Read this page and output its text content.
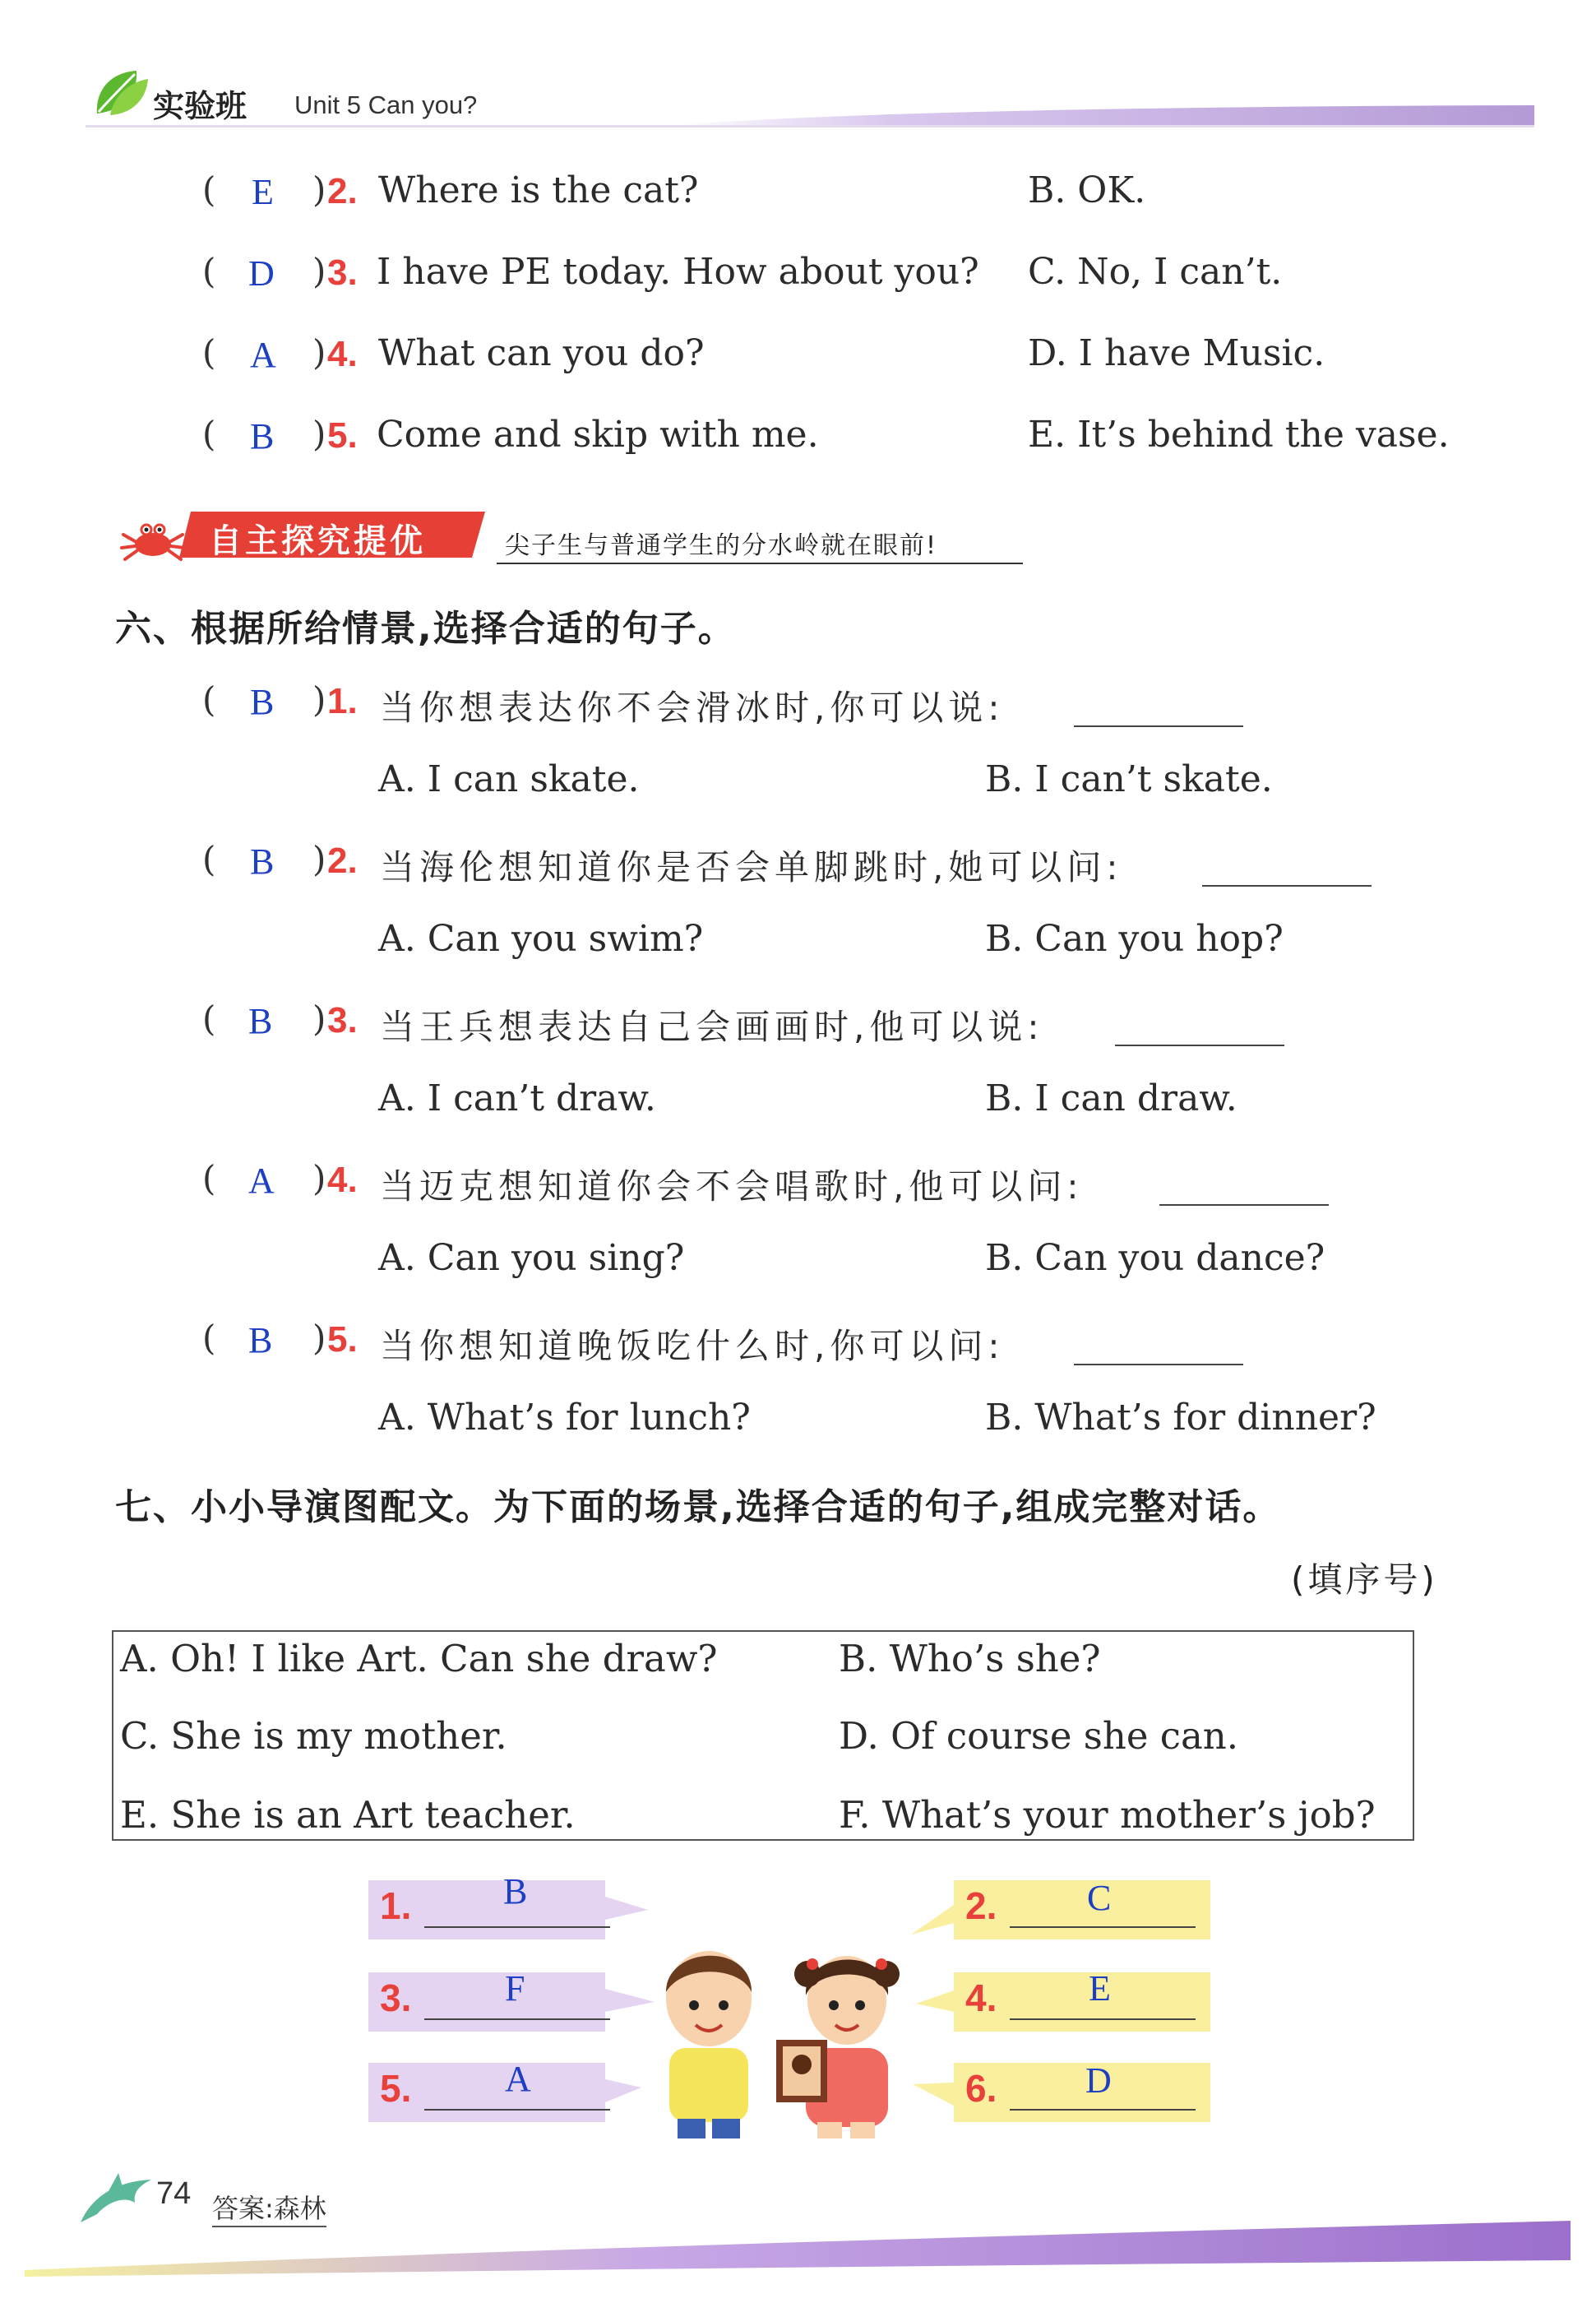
实验班 Unit 5 Can you?
( E ) 2. Where is the cat?	B. OK.
( D ) 3. I have PE today. How about you? C. No, I can’t.
( A ) 4. What can you do?	D. I have Music.
( B ) 5. Come and skip with me.	E. It’s behind the vase.
自主探究提优	尖子生与普通学生的分水岭就在眼前!
六、根据所给情景,选择合适的句子。
( B ) 1. 当你想表达你不会滑冰时,你可以说:
A. I can skate.	B. I can’t skate.
( B ) 2. 当海伦想知道你是否会单脚跳时,她可以问:
A. Can you swim?	B. Can you hop?
( B ) 3. 当王兵想表达自己会画画时,他可以说:
A. I can’t draw.	B. I can draw.
( A ) 4. 当迈克想知道你会不会唱歌时,他可以问:
A. Can you sing?	B. Can you dance?
( B ) 5. 当你想知道晚饭吃什么时,你可以问:
A. What’s for lunch?	B. What’s for dinner?
七、小小导演图配文。为下面的场景,选择合适的句子,组成完整对话。
(填序号)
A. Oh! I like Art. Can she draw?	B. Who’s she?
C. She is my mother.	D. Of course she can.
E. She is an Art teacher.	F. What’s your mother’s job?
1.	B	2. C
3.	F	4.	E
5.	A	6. D
74 答案:森林
